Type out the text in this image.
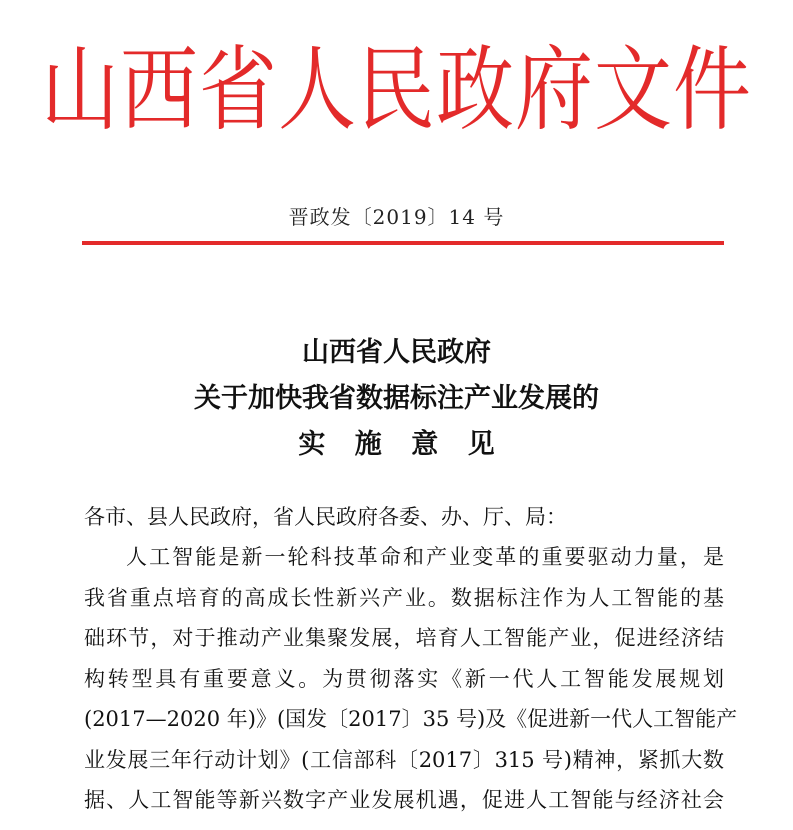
山西省人民政府文件
晋政发〔2019〕14 号
山西省人民政府
关于加快我省数据标注产业发展的
实 施 意 见
各市、县人民政府，省人民政府各委、办、厅、局：
人工智能是新一轮科技革命和产业变革的重要驱动力量，是
我省重点培育的高成长性新兴产业。数据标注作为人工智能的基
础环节，对于推动产业集聚发展，培育人工智能产业，促进经济结
构转型具有重要意义。为贯彻落实《新一代人工智能发展规划
(2017—2020 年)》(国发〔2017〕35 号)及《促进新一代人工智能产
业发展三年行动计划》(工信部科〔2017〕315 号)精神，紧抓大数
据、人工智能等新兴数字产业发展机遇，促进人工智能与经济社会
